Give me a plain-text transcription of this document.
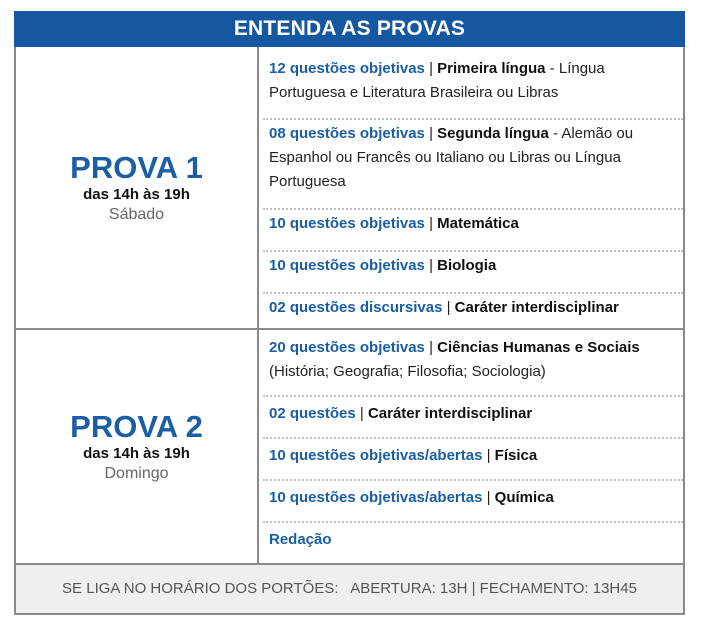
ENTENDA AS PROVAS
PROVA 1
das 14h às 19h
Sábado
12 questões objetivas | Primeira língua - Língua Portuguesa e Literatura Brasileira ou Libras
08 questões objetivas | Segunda língua - Alemão ou Espanhol ou Francês ou Italiano ou Libras ou Língua Portuguesa
10 questões objetivas | Matemática
10 questões objetivas | Biologia
02 questões discursivas | Caráter interdisciplinar
PROVA 2
das 14h às 19h
Domingo
20 questões objetivas | Ciências Humanas e Sociais (História; Geografia; Filosofia; Sociologia)
02 questões | Caráter interdisciplinar
10 questões objetivas/abertas | Física
10 questões objetivas/abertas | Química
Redação
SE LIGA NO HORÁRIO DOS PORTÕES: ABERTURA: 13H | FECHAMENTO: 13H45
